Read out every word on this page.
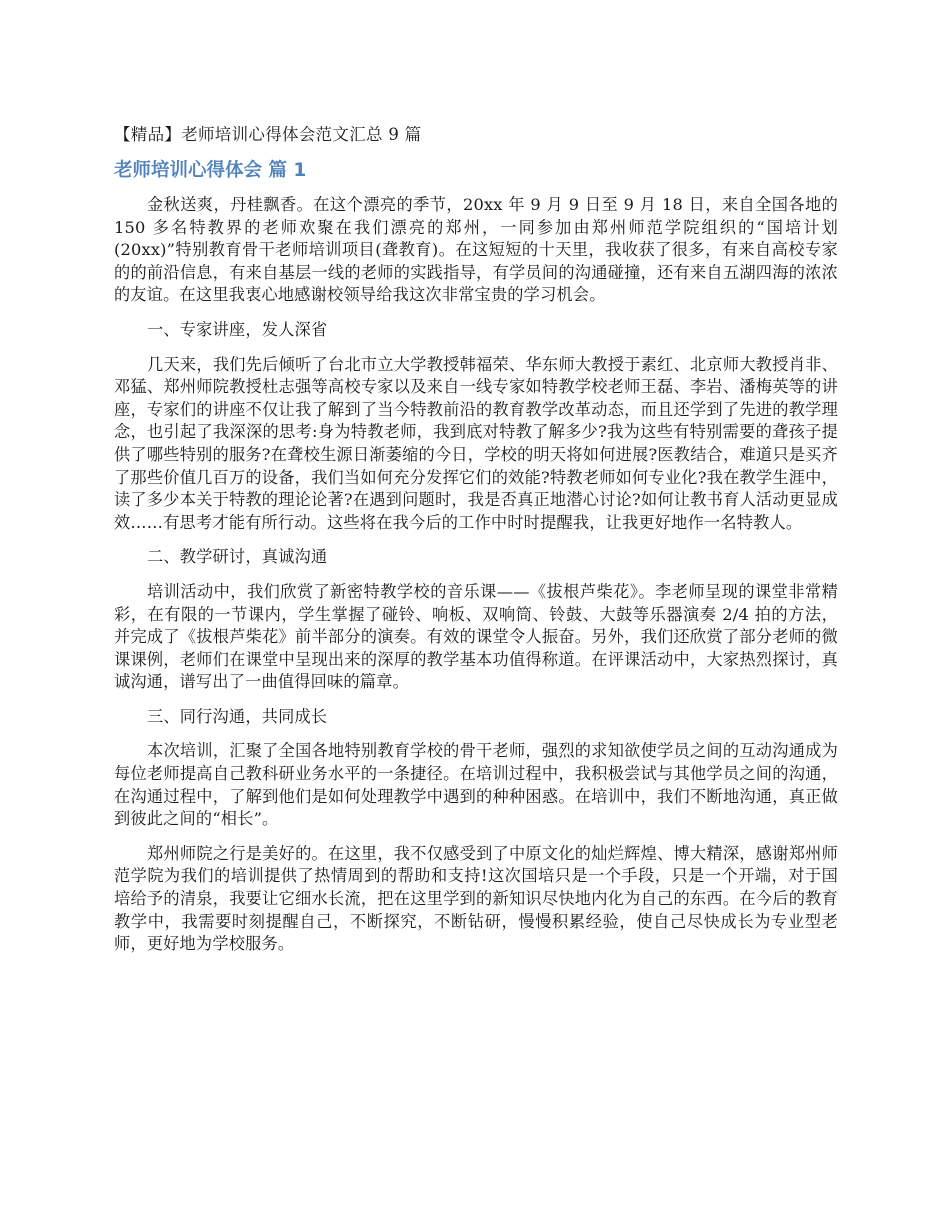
【精品】老师培训心得体会范文汇总 9 篇
老师培训心得体会 篇 1

金秋送爽，丹桂飘香。在这个漂亮的季节，20xx 年 9 月 9 日至 9 月 18 日，来自全国各地的 150 多名特教界的老师欢聚在我们漂亮的郑州，一同参加由郑州师范学院组织的“国培计划(20xx)”特别教育骨干老师培训项目(聋教育)。在这短短的十天里，我收获了很多，有来自高校专家的的前沿信息，有来自基层一线的老师的实践指导，有学员间的沟通碰撞，还有来自五湖四海的浓浓的友谊。在这里我衷心地感谢校领导给我这次非常宝贵的学习机会。

一、专家讲座，发人深省

几天来，我们先后倾听了台北市立大学教授韩福荣、华东师大教授于素红、北京师大教授肖非、邓猛、郑州师院教授杜志强等高校专家以及来自一线专家如特教学校老师王磊、李岩、潘梅英等的讲座，专家们的讲座不仅让我了解到了当今特教前沿的教育教学改革动态，而且还学到了先进的教学理念，也引起了我深深的思考:身为特教老师，我到底对特教了解多少?我为这些有特别需要的聋孩子提供了哪些特别的服务?在聋校生源日渐萎缩的今日，学校的明天将如何进展?医教结合，难道只是买齐了那些价值几百万的设备，我们当如何充分发挥它们的效能?特教老师如何专业化?我在教学生涯中，读了多少本关于特教的理论论著?在遇到问题时，我是否真正地潜心讨论?如何让教书育人活动更显成效……有思考才能有所行动。这些将在我今后的工作中时时提醒我，让我更好地作一名特教人。

二、教学研讨，真诚沟通

培训活动中，我们欣赏了新密特教学校的音乐课——《拔根芦柴花》。李老师呈现的课堂非常精彩，在有限的一节课内，学生掌握了碰铃、响板、双响筒、铃鼓、大鼓等乐器演奏 2/4 拍的方法，并完成了《拔根芦柴花》前半部分的演奏。有效的课堂令人振奋。另外，我们还欣赏了部分老师的微课课例，老师们在课堂中呈现出来的深厚的教学基本功值得称道。在评课活动中，大家热烈探讨，真诚沟通，谱写出了一曲值得回味的篇章。

三、同行沟通，共同成长

本次培训，汇聚了全国各地特别教育学校的骨干老师，强烈的求知欲使学员之间的互动沟通成为每位老师提高自己教科研业务水平的一条捷径。在培训过程中，我积极尝试与其他学员之间的沟通，在沟通过程中，了解到他们是如何处理教学中遇到的种种困惑。在培训中，我们不断地沟通，真正做到彼此之间的“相长”。

郑州师院之行是美好的。在这里，我不仅感受到了中原文化的灿烂辉煌、博大精深，感谢郑州师范学院为我们的培训提供了热情周到的帮助和支持!这次国培只是一个手段，只是一个开端，对于国培给予的清泉，我要让它细水长流，把在这里学到的新知识尽快地内化为自己的东西。在今后的教育教学中，我需要时刻提醒自己，不断探究，不断钻研，慢慢积累经验，使自己尽快成长为专业型老师，更好地为学校服务。
